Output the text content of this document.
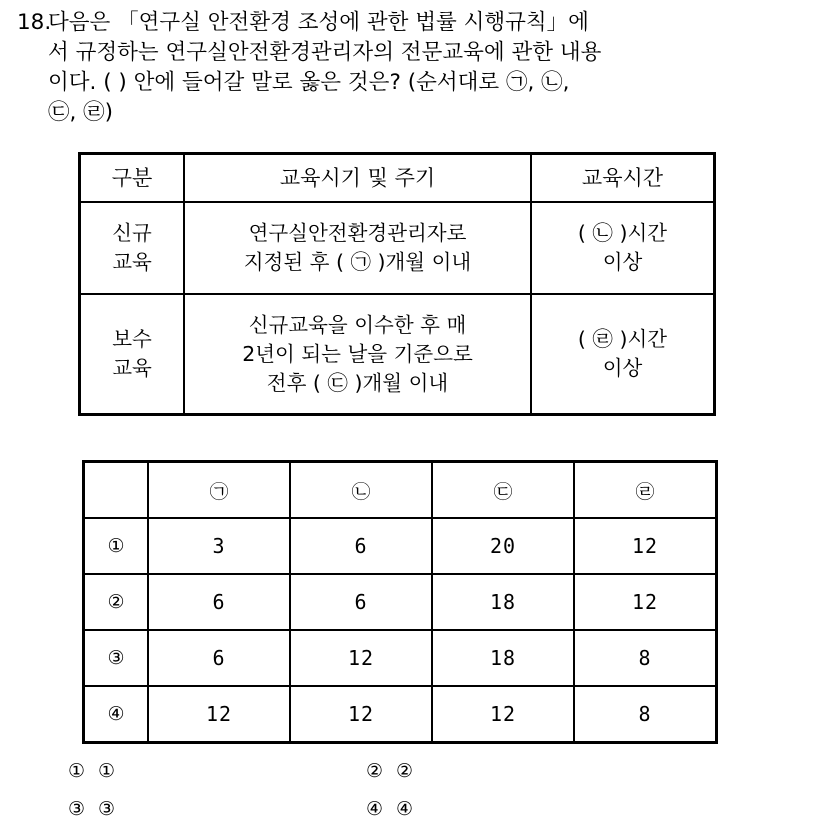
18.
다음은 「연구실 안전환경 조성에 관한 법률 시행규칙」에
서 규정하는 연구실안전환경관리자의 전문교육에 관한 내용
이다. ( ) 안에 들어갈 말로 옳은 것은? (순서대로 ㉠, ㉡,
㉢, ㉣)
구분	교육시기 및 주기	교육시간

신규
교육	연구실안전환경관리자로
지정된 후 ( ㉠ )개월 이내	( ㉡ )시간
이상

보수
교육	신규교육을 이수한 후 매
2년이 되는 날을 기준으로
전후 ( ㉢ )개월 이내	( ㉣ )시간
이상
	㉠	㉡	㉢	㉣
①	3	6	20	12
②	6	6	18	12
③	6	12	18	8
④	12	12	12	8
① ①	② ②
③ ③	④ ④
